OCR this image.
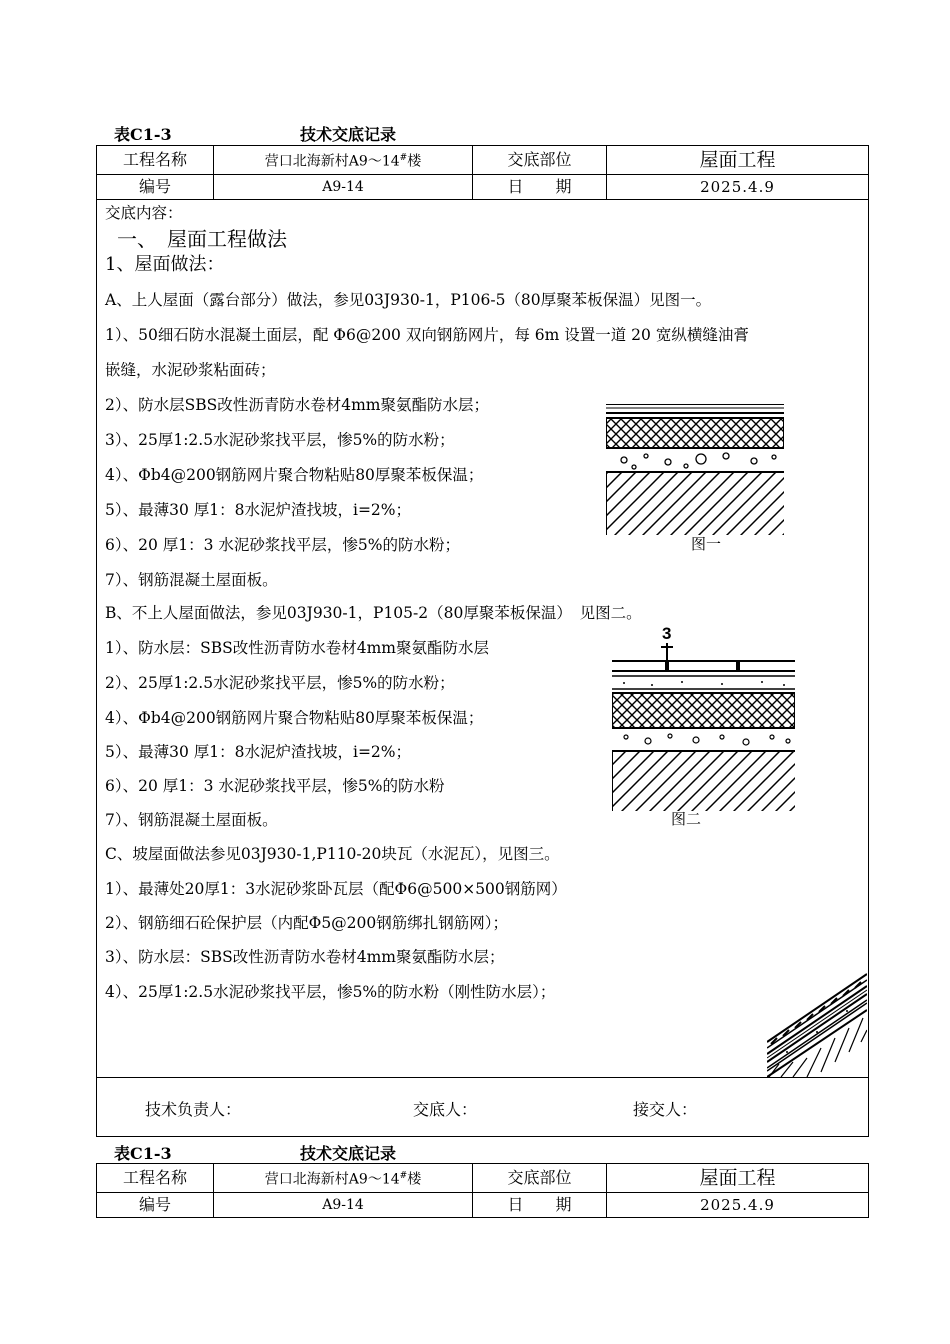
表C1-3	技术交底记录
工程名称	营口北海新村A9～14#楼	交底部位	屋面工程
编号	A9-14	日　　期	2025.4.9
交底内容：
一、　屋面工程做法
1、屋面做法：
A、上人屋面（露台部分）做法，参见03J930-1，P106-5（80厚聚苯板保温）见图一。
1）、50细石防水混凝土面层，配 Φ6@200 双向钢筋网片，每 6m 设置一道 20 宽纵横缝油膏
嵌缝，水泥砂浆粘面砖；
2）、防水层SBS改性沥青防水卷材4mm聚氨酯防水层；
3）、25厚1:2.5水泥砂浆找平层，惨5%的防水粉；
4）、Φb4@200钢筋网片聚合物粘贴80厚聚苯板保温；
5）、最薄30 厚1：8水泥炉渣找坡，i=2%；
6）、20 厚1：3 水泥砂浆找平层，惨5%的防水粉；
7）、钢筋混凝土屋面板。
B、不上人屋面做法，参见03J930-1，P105-2（80厚聚苯板保温）　见图二。
1）、防水层：SBS改性沥青防水卷材4mm聚氨酯防水层
2）、25厚1:2.5水泥砂浆找平层，惨5%的防水粉；
4）、Φb4@200钢筋网片聚合物粘贴80厚聚苯板保温；
5）、最薄30 厚1：8水泥炉渣找坡，i=2%；
6）、20 厚1：3 水泥砂浆找平层，惨5%的防水粉
7）、钢筋混凝土屋面板。
C、坡屋面做法参见03J930-1,P110-20块瓦（水泥瓦），见图三。
1）、最薄处20厚1：3水泥砂浆卧瓦层（配Φ6@500×500钢筋网）
2）、钢筋细石砼保护层（内配Φ5@200钢筋绑扎钢筋网）；
3）、防水层：SBS改性沥青防水卷材4mm聚氨酯防水层；
4）、25厚1:2.5水泥砂浆找平层，惨5%的防水粉（刚性防水层）；
图一
3
图二
技术负责人：	交底人：	接交人：
表C1-3	技术交底记录
工程名称	营口北海新村A9～14#楼	交底部位	屋面工程
编号	A9-14	日　　期	2025.4.9
